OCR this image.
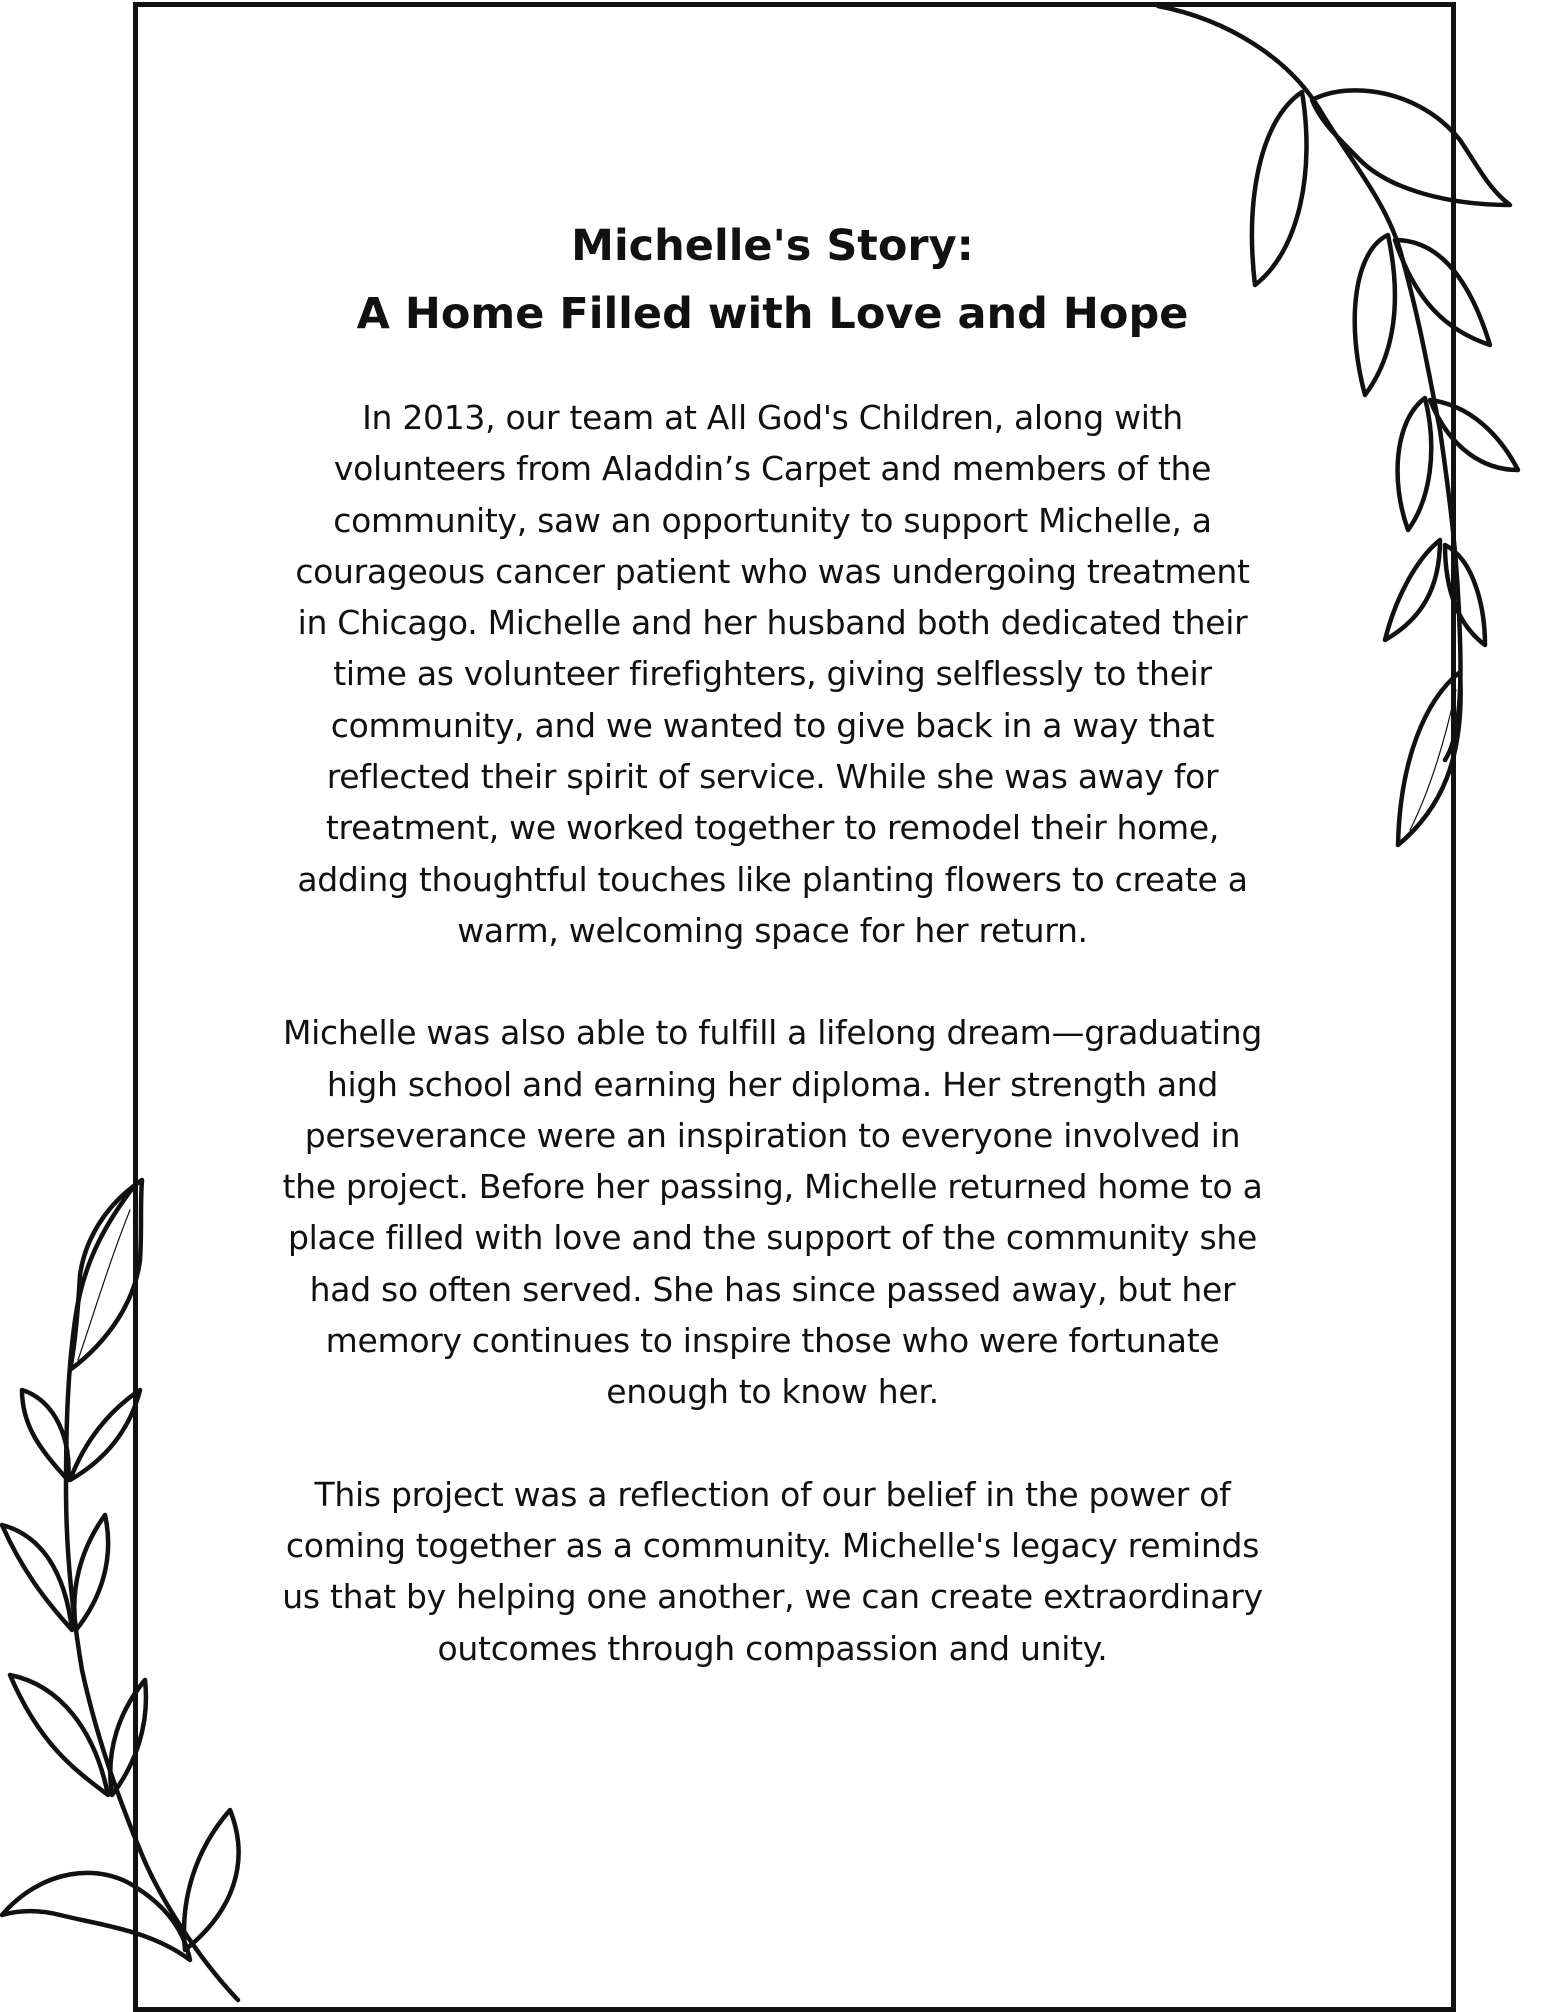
Michelle's Story:
A Home Filled with Love and Hope

In 2013, our team at All God's Children, along with
volunteers from Aladdin’s Carpet and members of the
community, saw an opportunity to support Michelle, a
courageous cancer patient who was undergoing treatment
in Chicago. Michelle and her husband both dedicated their
time as volunteer firefighters, giving selflessly to their
community, and we wanted to give back in a way that
reflected their spirit of service. While she was away for
treatment, we worked together to remodel their home,
adding thoughtful touches like planting flowers to create a
warm, welcoming space for her return.

Michelle was also able to fulfill a lifelong dream—graduating
high school and earning her diploma. Her strength and
perseverance were an inspiration to everyone involved in
the project. Before her passing, Michelle returned home to a
place filled with love and the support of the community she
had so often served. She has since passed away, but her
memory continues to inspire those who were fortunate
enough to know her.

This project was a reflection of our belief in the power of
coming together as a community. Michelle's legacy reminds
us that by helping one another, we can create extraordinary
outcomes through compassion and unity.
